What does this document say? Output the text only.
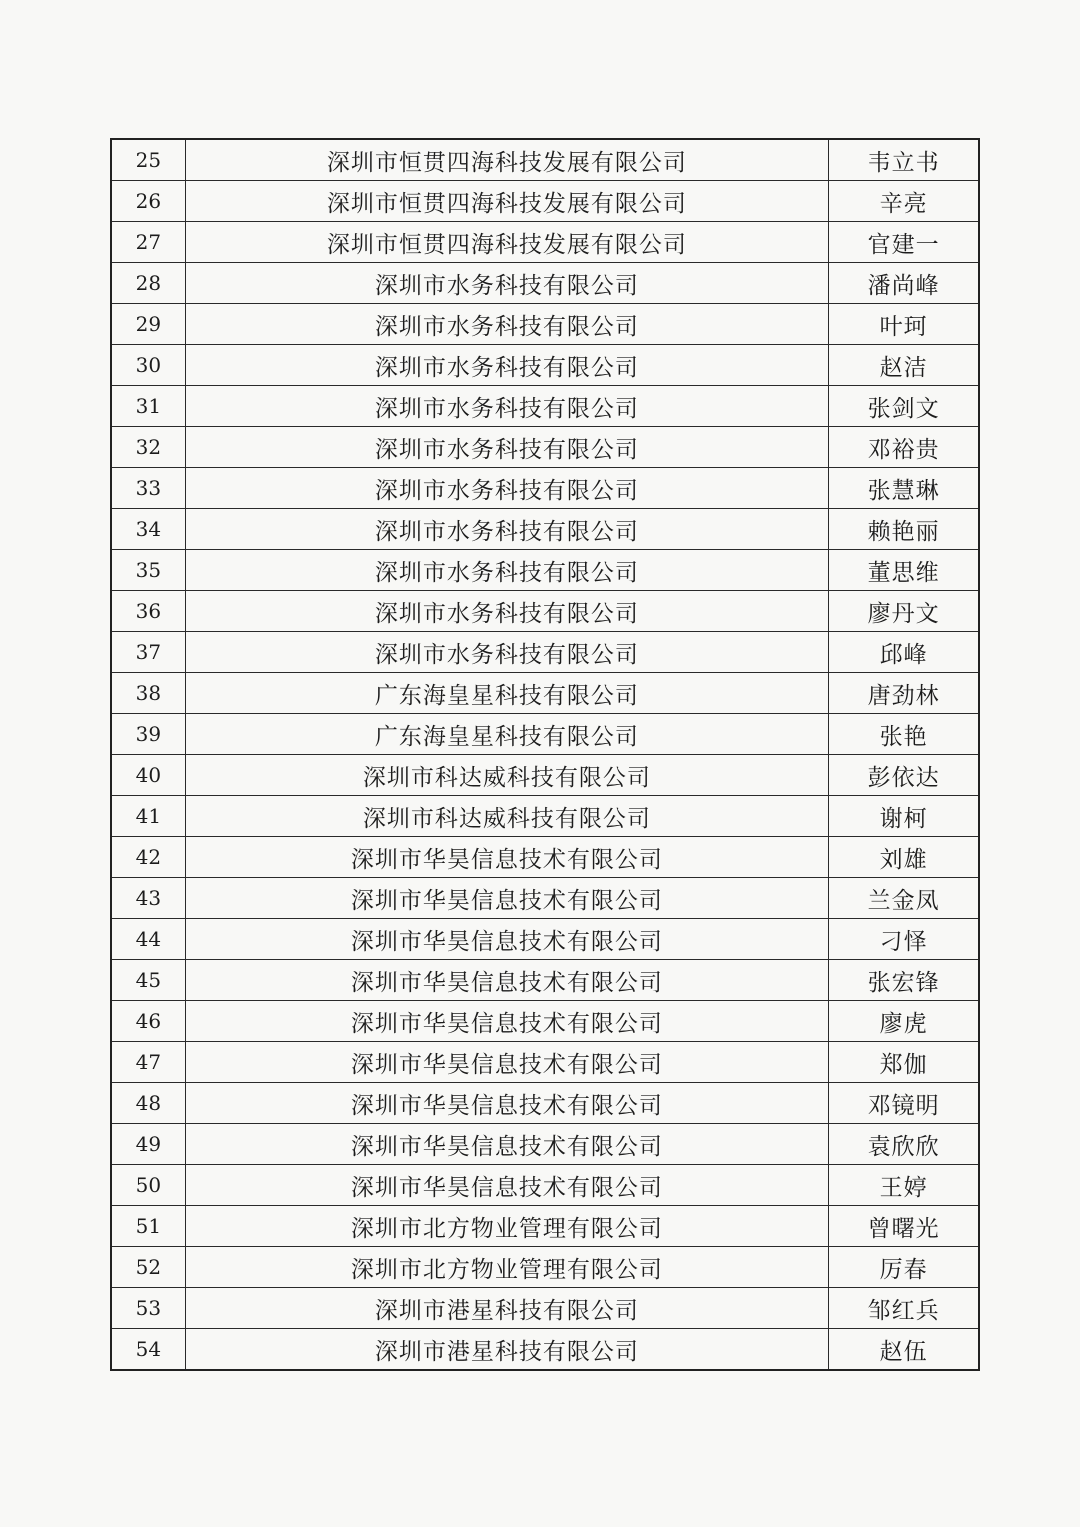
25	深圳市恒贯四海科技发展有限公司	韦立书
26	深圳市恒贯四海科技发展有限公司	辛亮
27	深圳市恒贯四海科技发展有限公司	官建一
28	深圳市水务科技有限公司	潘尚峰
29	深圳市水务科技有限公司	叶珂
30	深圳市水务科技有限公司	赵洁
31	深圳市水务科技有限公司	张剑文
32	深圳市水务科技有限公司	邓裕贵
33	深圳市水务科技有限公司	张慧琳
34	深圳市水务科技有限公司	赖艳丽
35	深圳市水务科技有限公司	董思维
36	深圳市水务科技有限公司	廖丹文
37	深圳市水务科技有限公司	邱峰
38	广东海皇星科技有限公司	唐劲林
39	广东海皇星科技有限公司	张艳
40	深圳市科达威科技有限公司	彭依达
41	深圳市科达威科技有限公司	谢柯
42	深圳市华昊信息技术有限公司	刘雄
43	深圳市华昊信息技术有限公司	兰金凤
44	深圳市华昊信息技术有限公司	刁怿
45	深圳市华昊信息技术有限公司	张宏锋
46	深圳市华昊信息技术有限公司	廖虎
47	深圳市华昊信息技术有限公司	郑伽
48	深圳市华昊信息技术有限公司	邓镜明
49	深圳市华昊信息技术有限公司	袁欣欣
50	深圳市华昊信息技术有限公司	王婷
51	深圳市北方物业管理有限公司	曾曙光
52	深圳市北方物业管理有限公司	厉春
53	深圳市港星科技有限公司	邹红兵
54	深圳市港星科技有限公司	赵伍
